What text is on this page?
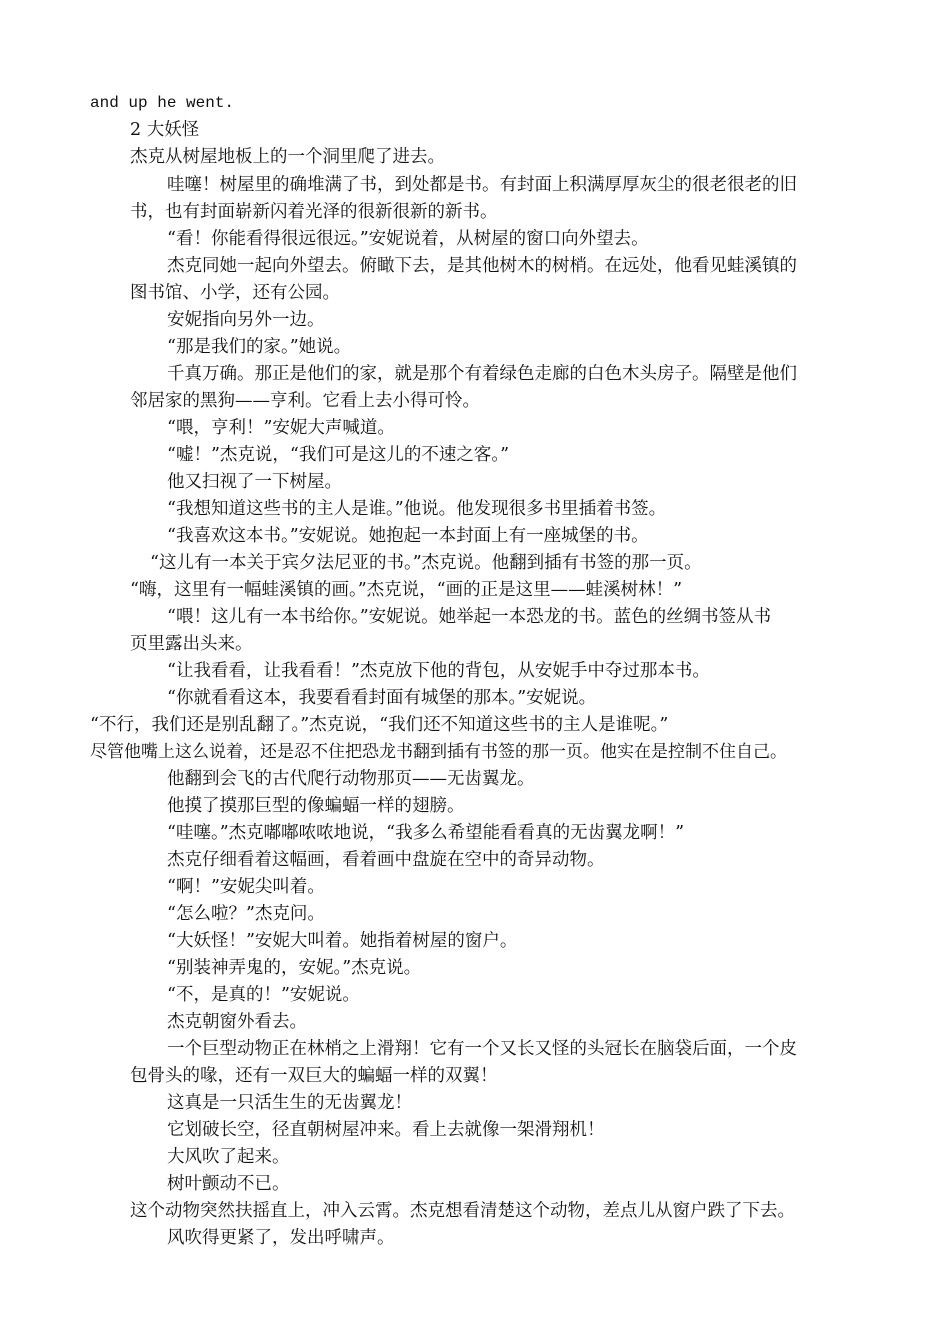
and up he went.

2 大妖怪

杰克从树屋地板上的一个洞里爬了进去。

哇噻！树屋里的确堆满了书，到处都是书。有封面上积满厚厚灰尘的很老很老的旧

书，也有封面崭新闪着光泽的很新很新的新书。

“看！你能看得很远很远。”安妮说着，从树屋的窗口向外望去。

杰克同她一起向外望去。俯瞰下去，是其他树木的树梢。在远处，他看见蛙溪镇的

图书馆、小学，还有公园。

安妮指向另外一边。

“那是我们的家。”她说。

千真万确。那正是他们的家，就是那个有着绿色走廊的白色木头房子。隔壁是他们

邻居家的黑狗——亨利。它看上去小得可怜。

“喂，亨利！”安妮大声喊道。

“嘘！”杰克说，“我们可是这儿的不速之客。”

他又扫视了一下树屋。

“我想知道这些书的主人是谁。”他说。他发现很多书里插着书签。

“我喜欢这本书。”安妮说。她抱起一本封面上有一座城堡的书。

“这儿有一本关于宾夕法尼亚的书。”杰克说。他翻到插有书签的那一页。

“嗨，这里有一幅蛙溪镇的画。”杰克说，“画的正是这里——蛙溪树林！”

“喂！这儿有一本书给你。”安妮说。她举起一本恐龙的书。蓝色的丝绸书签从书

页里露出头来。

“让我看看，让我看看！”杰克放下他的背包，从安妮手中夺过那本书。

“你就看看这本，我要看看封面有城堡的那本。”安妮说。

“不行，我们还是别乱翻了。”杰克说，“我们还不知道这些书的主人是谁呢。”

尽管他嘴上这么说着，还是忍不住把恐龙书翻到插有书签的那一页。他实在是控制不住自己。

他翻到会飞的古代爬行动物那页——无齿翼龙。

他摸了摸那巨型的像蝙蝠一样的翅膀。

“哇噻。”杰克嘟嘟哝哝地说，“我多么希望能看看真的无齿翼龙啊！”

杰克仔细看着这幅画，看着画中盘旋在空中的奇异动物。

“啊！”安妮尖叫着。

“怎么啦？”杰克问。

“大妖怪！”安妮大叫着。她指着树屋的窗户。

“别装神弄鬼的，安妮。”杰克说。

“不，是真的！”安妮说。

杰克朝窗外看去。

一个巨型动物正在林梢之上滑翔！它有一个又长又怪的头冠长在脑袋后面，一个皮

包骨头的喙，还有一双巨大的蝙蝠一样的双翼！

这真是一只活生生的无齿翼龙！

它划破长空，径直朝树屋冲来。看上去就像一架滑翔机！

大风吹了起来。

树叶颤动不已。

这个动物突然扶摇直上，冲入云霄。杰克想看清楚这个动物，差点儿从窗户跌了下去。

风吹得更紧了，发出呼啸声。
